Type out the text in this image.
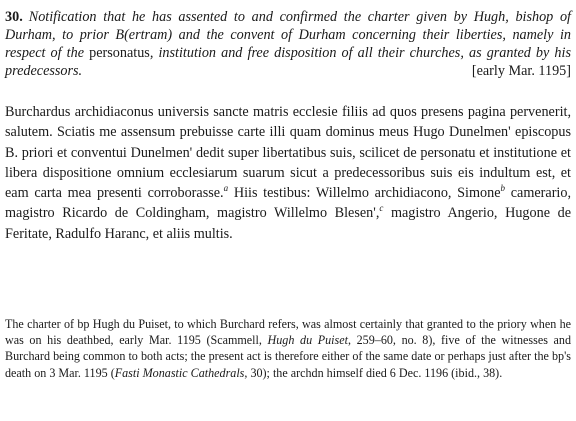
30. Notification that he has assented to and confirmed the charter given by Hugh, bishop of Durham, to prior B(ertram) and the convent of Durham concerning their liberties, namely in respect of the personatus, institution and free disposition of all their churches, as granted by his predecessors.	[early Mar. 1195]
Burchardus archidiaconus universis sancte matris ecclesie filiis ad quos presens pagina pervenerit, salutem. Sciatis me assensum prebuisse carte illi quam dominus meus Hugo Dunelmen' episcopus B. priori et conventui Dunelmen' dedit super libertatibus suis, scilicet de personatu et institutione et libera dispositione omnium ecclesiarum suarum sicut a predecessoribus suis eis indultum est, et eam carta mea presenti corroborasse.$^a$ Hiis testibus: Willelmo archidiacono, Simone$^b$ camerario, magistro Ricardo de Coldingham, magistro Willelmo Blesen',$^c$ magistro Angerio, Hugone de Feritate, Radulfo Haranc, et aliis multis.
The charter of bp Hugh du Puiset, to which Burchard refers, was almost certainly that granted to the priory when he was on his deathbed, early Mar. 1195 (Scammell, Hugh du Puiset, 259–60, no. 8), five of the witnesses and Burchard being common to both acts; the present act is therefore either of the same date or perhaps just after the bp's death on 3 Mar. 1195 (Fasti Monastic Cathedrals, 30); the archdn himself died 6 Dec. 1196 (ibid., 38).
